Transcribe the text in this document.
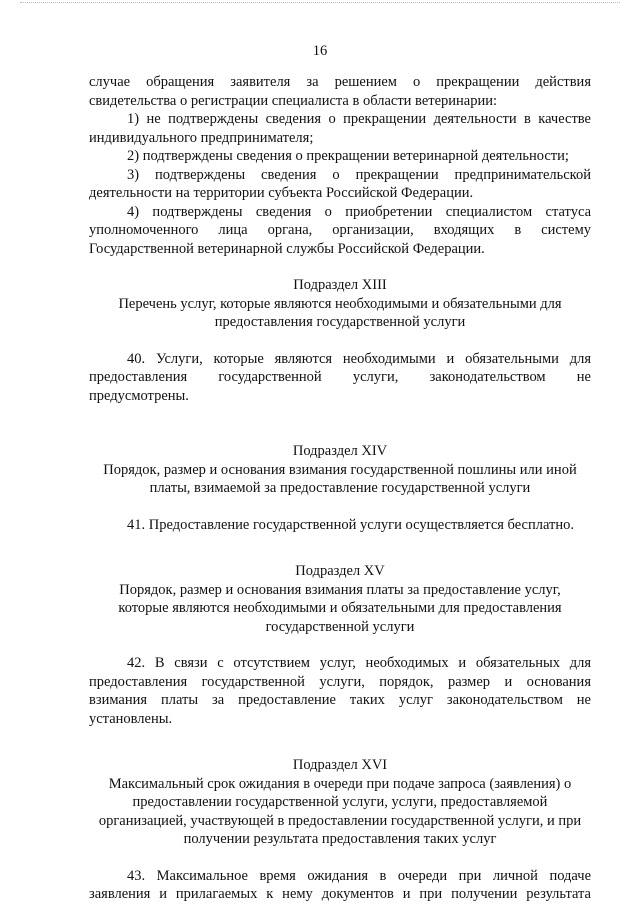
16

случае обращения заявителя за решением о прекращении действия

свидетельства о регистрации специалиста в области ветеринарии:

1) не подтверждены сведения о прекращении деятельности в качестве

индивидуального предпринимателя;

2) подтверждены сведения о прекращении ветеринарной деятельности;

3) подтверждены сведения о прекращении предпринимательской

деятельности на территории субъекта Российской Федерации.

4) подтверждены сведения о приобретении специалистом статуса

уполномоченного лица органа, организации, входящих в систему

Государственной ветеринарной службы Российской Федерации.

Подраздел XIII

Перечень услуг, которые являются необходимыми и обязательными для

предоставления государственной услуги

40. Услуги, которые являются необходимыми и обязательными для

предоставления государственной услуги, законодательством не

предусмотрены.

Подраздел XIV

Порядок, размер и основания взимания государственной пошлины или иной

платы, взимаемой за предоставление государственной услуги

41. Предоставление государственной услуги осуществляется бесплатно.

Подраздел XV

Порядок, размер и основания взимания платы за предоставление услуг,

которые являются необходимыми и обязательными для предоставления

государственной услуги

42. В связи с отсутствием услуг, необходимых и обязательных для

предоставления государственной услуги, порядок, размер и основания

взимания платы за предоставление таких услуг законодательством не

установлены.

Подраздел XVI

Максимальный срок ожидания в очереди при подаче запроса (заявления) о

предоставлении государственной услуги, услуги, предоставляемой

организацией, участвующей в предоставлении государственной услуги, и при

получении результата предоставления таких услуг

43. Максимальное время ожидания в очереди при личной подаче

заявления и прилагаемых к нему документов и при получении результата
